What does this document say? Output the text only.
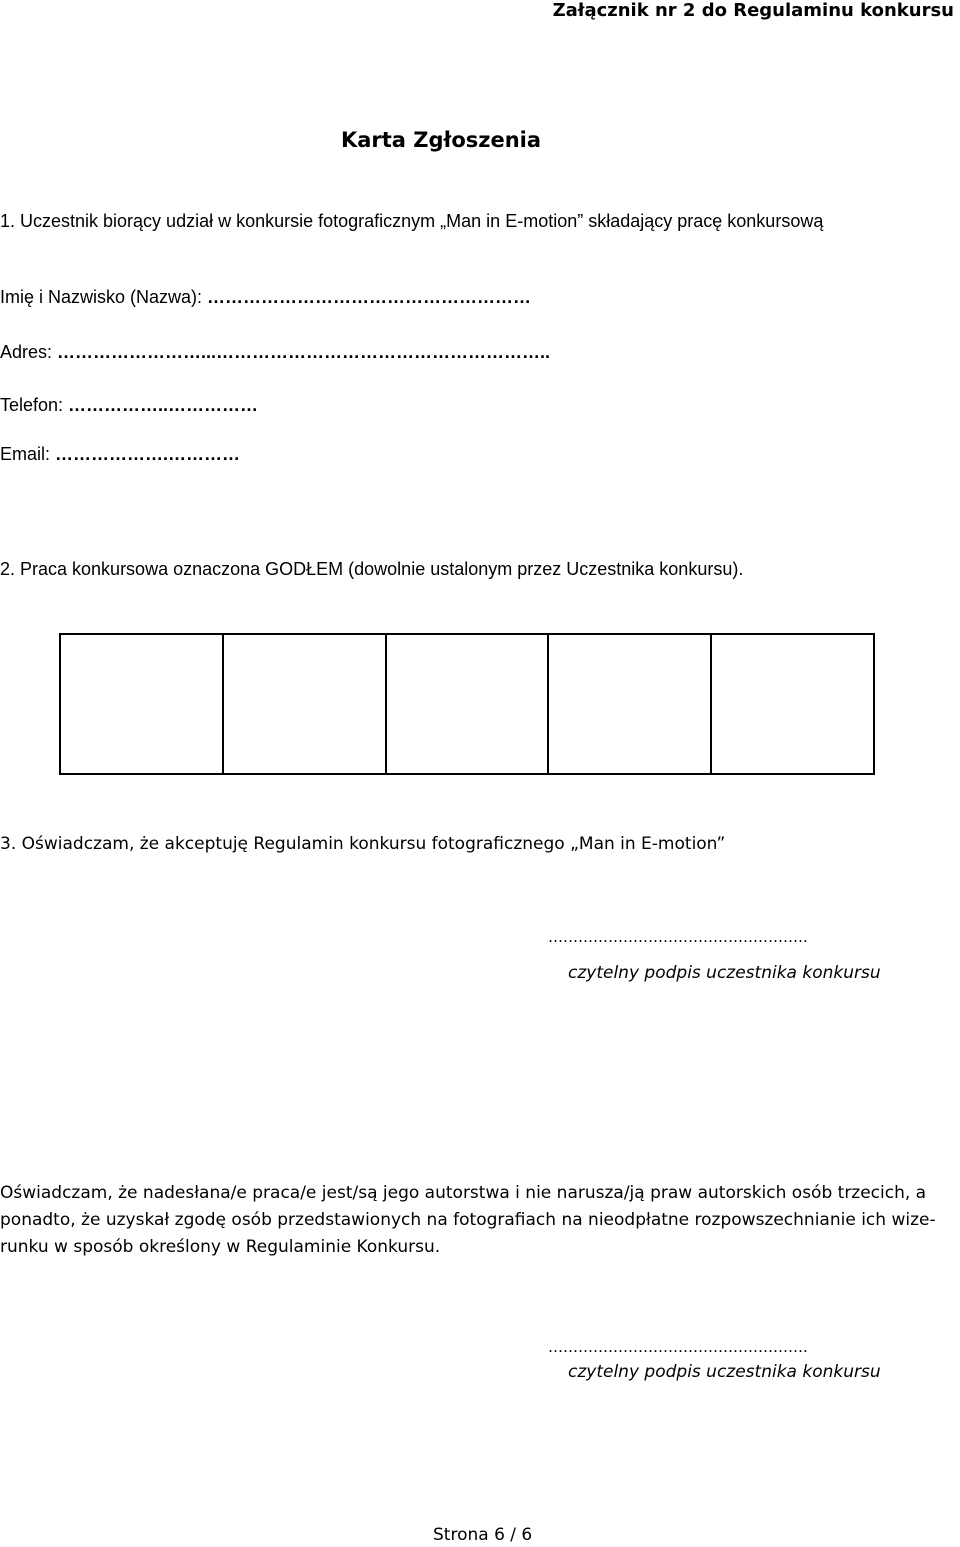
Załącznik nr 2 do Regulaminu konkursu
Karta Zgłoszenia
1. Uczestnik biorący udział w konkursie fotograficznym „Man in E-motion” składający pracę konkursową
Imię i Nazwisko (Nazwa): ………………………………………………
Adres: ……………………...………………………………………………..
Telefon: ……………..……………
Email: ……………….…………
2. Praca konkursowa oznaczona GODŁEM (dowolnie ustalonym przez Uczestnika konkursu).
3. Oświadczam, że akceptuję Regulamin konkursu fotograficznego „Man in E-motion”
…………………………………………….
czytelny podpis uczestnika konkursu
Oświadczam, że nadesłana/e praca/e jest/są jego autorstwa i nie narusza/ją praw autorskich osób trzecich, a
ponadto, że uzyskał zgodę osób przedstawionych na fotografiach na nieodpłatne rozpowszechnianie ich wize-
runku w sposób określony w Regulaminie Konkursu.
…………………………………………….
czytelny podpis uczestnika konkursu
Strona 6 / 6
